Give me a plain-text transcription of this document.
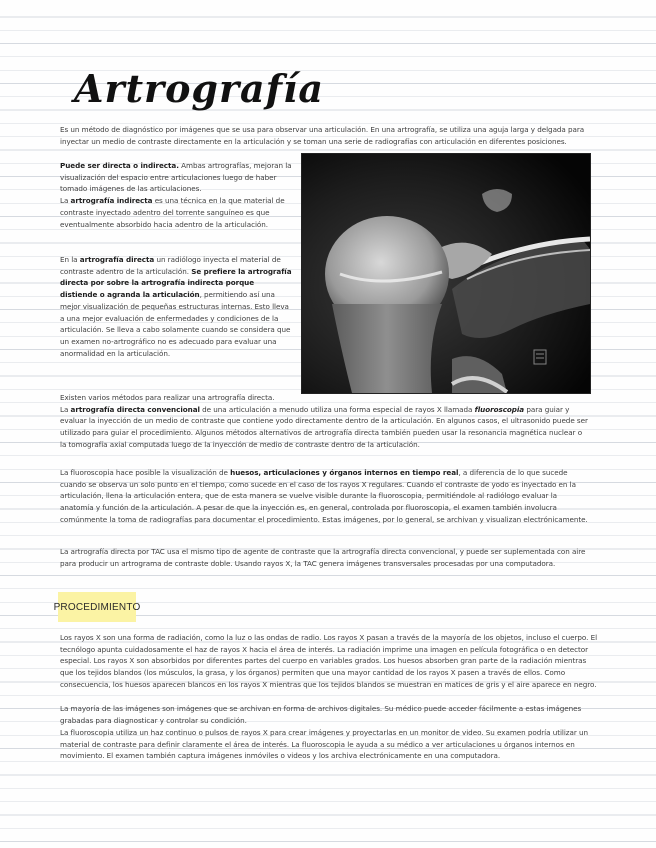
Artrografía

Es un método de diagnóstico por imágenes que se usa para observar una articulación. En una artrografía, se utiliza una aguja larga y delgada para inyectar un medio de contraste directamente en la articulación y se toman una serie de radiografías con articulación en diferentes posiciones.

Puede ser directa o indirecta. Ambas artrografías, mejoran la visualización del espacio entre articulaciones luego de haber tomado imágenes de las articulaciones.
La artrografía indirecta es una técnica en la que material de contraste inyectado adentro del torrente sanguíneo es que eventualmente absorbido hacia adentro de la articulación.

En la artrografía directa un radiólogo inyecta el material de contraste adentro de la articulación. Se prefiere la artrografía directa por sobre la artrografía indirecta porque distiende o agranda la articulación, permitiendo así una mejor visualización de pequeñas estructuras internas. Esto lleva a una mejor evaluación de enfermedades y condiciones de la articulación. Se lleva a cabo solamente cuando se considera que un examen no-artrográfico no es adecuado para evaluar una anormalidad en la articulación.

Existen varios métodos para realizar una artrografía directa.
La artrografía directa convencional de una articulación a menudo utiliza una forma especial de rayos X llamada fluoroscopia para guiar y evaluar la inyección de un medio de contraste que contiene yodo directamente dentro de la articulación. En algunos casos, el ultrasonido puede ser utilizado para guiar el procedimiento. Algunos métodos alternativos de artrografía directa también pueden usar la resonancia magnética nuclear o la tomografía axial computada luego de la inyección de medio de contraste dentro de la articulación.

La fluoroscopia hace posible la visualización de huesos, articulaciones y órganos internos en tiempo real, a diferencia de lo que sucede cuando se observa un solo punto en el tiempo, como sucede en el caso de los rayos X regulares. Cuando el contraste de yodo es inyectado en la articulación, llena la articulación entera, que de esta manera se vuelve visible durante la fluoroscopia, permitiéndole al radiólogo evaluar la anatomía y función de la articulación. A pesar de que la inyección es, en general, controlada por fluoroscopia, el examen también involucra comúnmente la toma de radiografías para documentar el procedimiento. Estas imágenes, por lo general, se archivan y visualizan electrónicamente.

La artrografía directa por TAC usa el mismo tipo de agente de contraste que la artrografía directa convencional, y puede ser suplementada con aire para producir un artrograma de contraste doble. Usando rayos X, la TAC genera imágenes transversales procesadas por una computadora.

PROCEDIMIENTO

Los rayos X son una forma de radiación, como la luz o las ondas de radio. Los rayos X pasan a través de la mayoría de los objetos, incluso el cuerpo. El tecnólogo apunta cuidadosamente el haz de rayos X hacia el área de interés. La radiación imprime una imagen en película fotográfica o en detector especial. Los rayos X son absorbidos por diferentes partes del cuerpo en variables grados. Los huesos absorben gran parte de la radiación mientras que los tejidos blandos (los músculos, la grasa, y los órganos) permiten que una mayor cantidad de los rayos X pasen a través de ellos. Como consecuencia, los huesos aparecen blancos en los rayos X mientras que los tejidos blandos se muestran en matices de gris y el aire aparece en negro.

La mayoría de las imágenes son imágenes que se archivan en forma de archivos digitales. Su médico puede acceder fácilmente a estas imágenes grabadas para diagnosticar y controlar su condición.

La fluoroscopia utiliza un haz continuo o pulsos de rayos X para crear imágenes y proyectarlas en un monitor de video. Su examen podría utilizar un material de contraste para definir claramente el área de interés. La fluoroscopia le ayuda a su médico a ver articulaciones u órganos internos en movimiento. El examen también captura imágenes inmóviles o videos y los archiva electrónicamente en una computadora.
